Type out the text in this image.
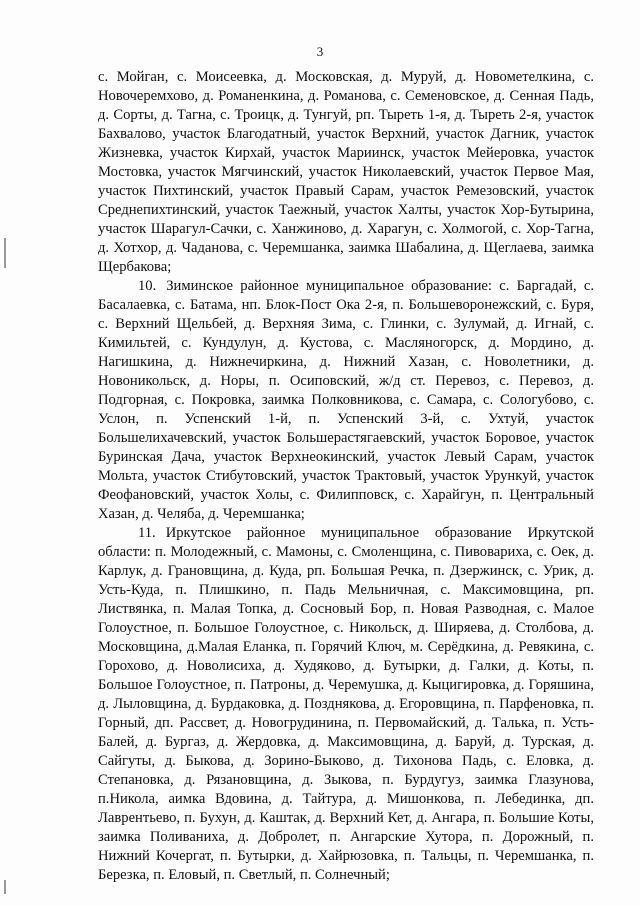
3

с. Мойган, с. Моисеевка, д. Московская, д. Муруй, д. Новометелкина, с. Новочеремхово, д. Романенкина, д. Романова, с. Семеновское, д. Сенная Падь, д. Сорты, д. Тагна, с. Троицк, д. Тунгуй, рп. Тыреть 1-я, д. Тыреть 2-я, участок Бахвалово, участок Благодатный, участок Верхний, участок Дагник, участок Жизневка, участок Кирхай, участок Мариинск, участок Мейеровка, участок Мостовка, участок Мягчинский, участок Николаевский, участок Первое Мая, участок Пихтинский, участок Правый Сарам, участок Ремезовский, участок Среднепихтинский, участок Таежный, участок Халты, участок Хор-Бутырина, участок Шарагул-Сачки, с. Ханжиново, д. Харагун, с. Холмогой, с. Хор-Тагна, д. Хотхор, д. Чаданова, с. Черемшанка, заимка Шабалина, д. Щеглаева, заимка Щербакова;

10. Зиминское районное муниципальное образование: с. Баргадай, с. Басалаевка, с. Батама, нп. Блок-Пост Ока 2-я, п. Большеворонежский, с. Буря, с. Верхний Щельбей, д. Верхняя Зима, с. Глинки, с. Зулумай, д. Игнай, с. Кимильтей, с. Кундулун, д. Кустова, с. Масляногорск, д. Мордино, д. Нагишкина, д. Нижнечиркина, д. Нижний Хазан, с. Новолетники, д. Новоникольск, д. Норы, п. Осиповский, ж/д ст. Перевоз, с. Перевоз, д. Подгорная, с. Покровка, заимка Полковникова, с. Самара, с. Сологубово, с. Услон, п. Успенский 1-й, п. Успенский 3-й, с. Ухтуй, участок Большелихачевский, участок Большерастягаевский, участок Боровое, участок Буринская Дача, участок Верхнеокинский, участок Левый Сарам, участок Мольта, участок Стибутовский, участок Трактовый, участок Урункуй, участок Феофановский, участок Холы, с. Филипповск, с. Харайгун, п. Центральный Хазан, д. Челяба, д. Черемшанка;

11. Иркутское районное муниципальное образование Иркутской области: п. Молодежный, с. Мамоны, с. Смоленщина, с. Пивовариха, с. Оек, д. Карлук, д. Грановщина, д. Куда, рп. Большая Речка, п. Дзержинск, с. Урик, д. Усть-Куда, п. Плишкино, п. Падь Мельничная, с. Максимовщина, рп. Листвянка, п. Малая Топка, д. Сосновый Бор, п. Новая Разводная, с. Малое Голоустное, п. Большое Голоустное, с. Никольск, д. Ширяева, д. Столбова, д. Московщина, д.Малая Еланка, п. Горячий Ключ, м. Серёдкина, д. Ревякина, с. Горохово, д. Новолисиха, д. Худяково, д. Бутырки, д. Галки, д. Коты, п. Большое Голоустное, п. Патроны, д. Черемушка, д. Кыцигировка, д. Горяшина, д. Лыловщина, д. Бурдаковка, д. Позднякова, д. Егоровщина, п. Парфеновка, п. Горный, дп. Рассвет, д. Новогрудинина, п. Первомайский, д. Талька, п. Усть-Балей, д. Бургаз, д. Жердовка, д. Максимовщина, д. Баруй, д. Турская, д. Сайгуты, д. Быкова, д. Зорино-Быково, д. Тихонова Падь, с. Еловка, д. Степановка, д. Рязановщина, д. Зыкова, п. Бурдугуз, заимка Глазунова, п.Никола, аимка Вдовина, д. Тайтура, д. Мишонкова, п. Лебединка, дп. Лаврентьево, п. Бухун, д. Каштак, д. Верхний Кет, д. Ангара, п. Большие Коты, заимка Поливаниха, д. Добролет, п. Ангарские Хутора, п. Дорожный, п. Нижний Кочергат, п. Бутырки, д. Хайрюзовка, п. Тальцы, п. Черемшанка, п. Березка, п. Еловый, п. Светлый, п. Солнечный;
